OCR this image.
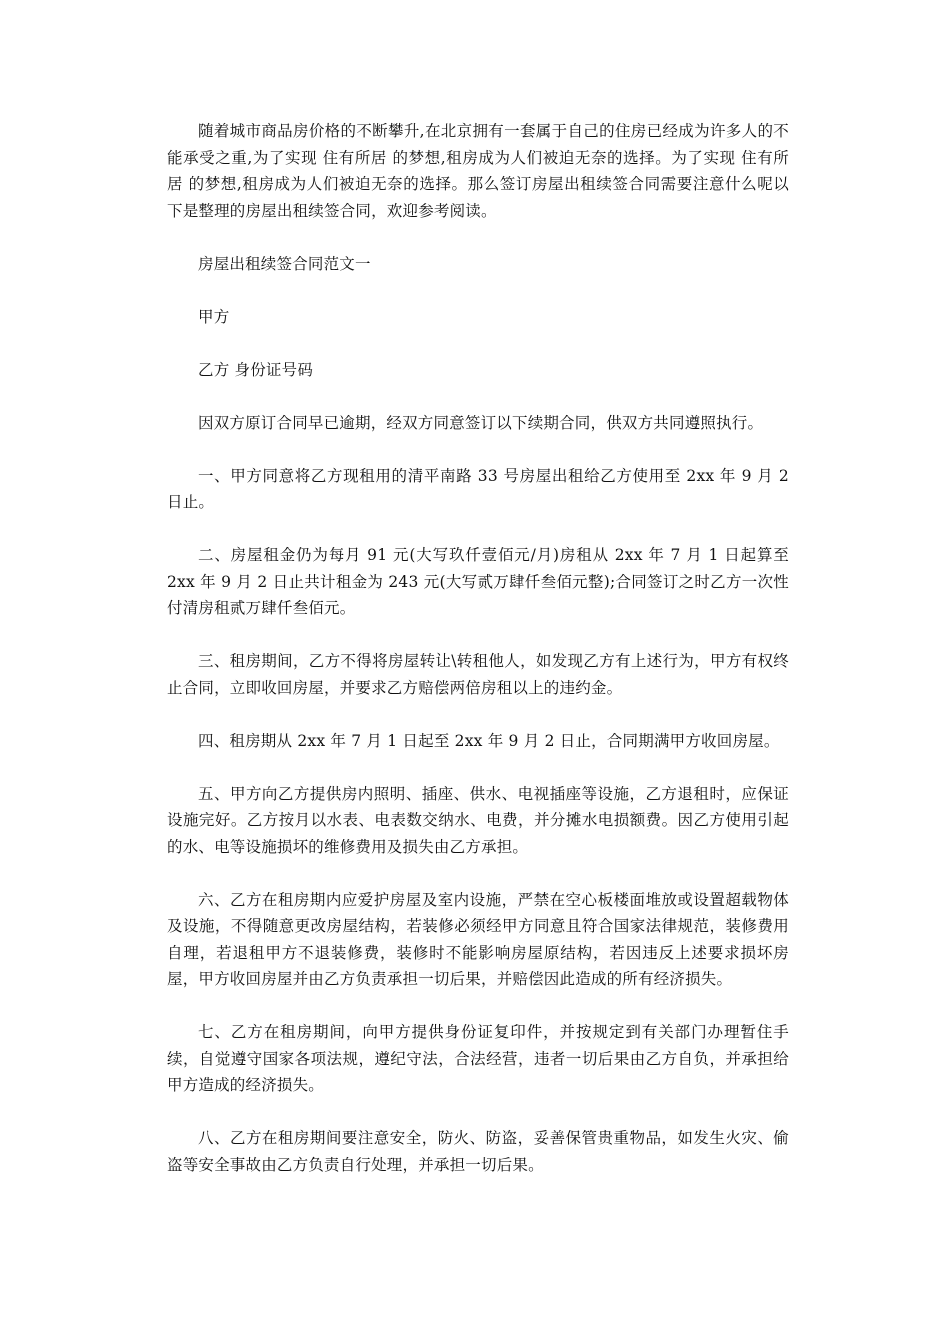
随着城市商品房价格的不断攀升,在北京拥有一套属于自己的住房已经成为许多人的不能承受之重,为了实现 住有所居 的梦想,租房成为人们被迫无奈的选择。为了实现 住有所居 的梦想,租房成为人们被迫无奈的选择。那么签订房屋出租续签合同需要注意什么呢以下是整理的房屋出租续签合同，欢迎参考阅读。

房屋出租续签合同范文一

甲方

乙方 身份证号码

因双方原订合同早已逾期，经双方同意签订以下续期合同，供双方共同遵照执行。

一、甲方同意将乙方现租用的清平南路 33 号房屋出租给乙方使用至 2xx 年 9 月 2 日止。

二、房屋租金仍为每月 91 元(大写玖仟壹佰元/月)房租从 2xx 年 7 月 1 日起算至 2xx 年 9 月 2 日止共计租金为 243 元(大写贰万肆仟叁佰元整);合同签订之时乙方一次性付清房租贰万肆仟叁佰元。

三、租房期间，乙方不得将房屋转让\转租他人，如发现乙方有上述行为，甲方有权终止合同，立即收回房屋，并要求乙方赔偿两倍房租以上的违约金。

四、租房期从 2xx 年 7 月 1 日起至 2xx 年 9 月 2 日止，合同期满甲方收回房屋。

五、甲方向乙方提供房内照明、插座、供水、电视插座等设施，乙方退租时，应保证设施完好。乙方按月以水表、电表数交纳水、电费，并分摊水电损额费。因乙方使用引起的水、电等设施损坏的维修费用及损失由乙方承担。

六、乙方在租房期内应爱护房屋及室内设施，严禁在空心板楼面堆放或设置超载物体及设施，不得随意更改房屋结构，若装修必须经甲方同意且符合国家法律规范，装修费用自理，若退租甲方不退装修费，装修时不能影响房屋原结构，若因违反上述要求损坏房屋，甲方收回房屋并由乙方负责承担一切后果，并赔偿因此造成的所有经济损失。

七、乙方在租房期间，向甲方提供身份证复印件，并按规定到有关部门办理暂住手续，自觉遵守国家各项法规，遵纪守法，合法经营，违者一切后果由乙方自负，并承担给甲方造成的经济损失。

八、乙方在租房期间要注意安全，防火、防盗，妥善保管贵重物品，如发生火灾、偷盗等安全事故由乙方负责自行处理，并承担一切后果。
